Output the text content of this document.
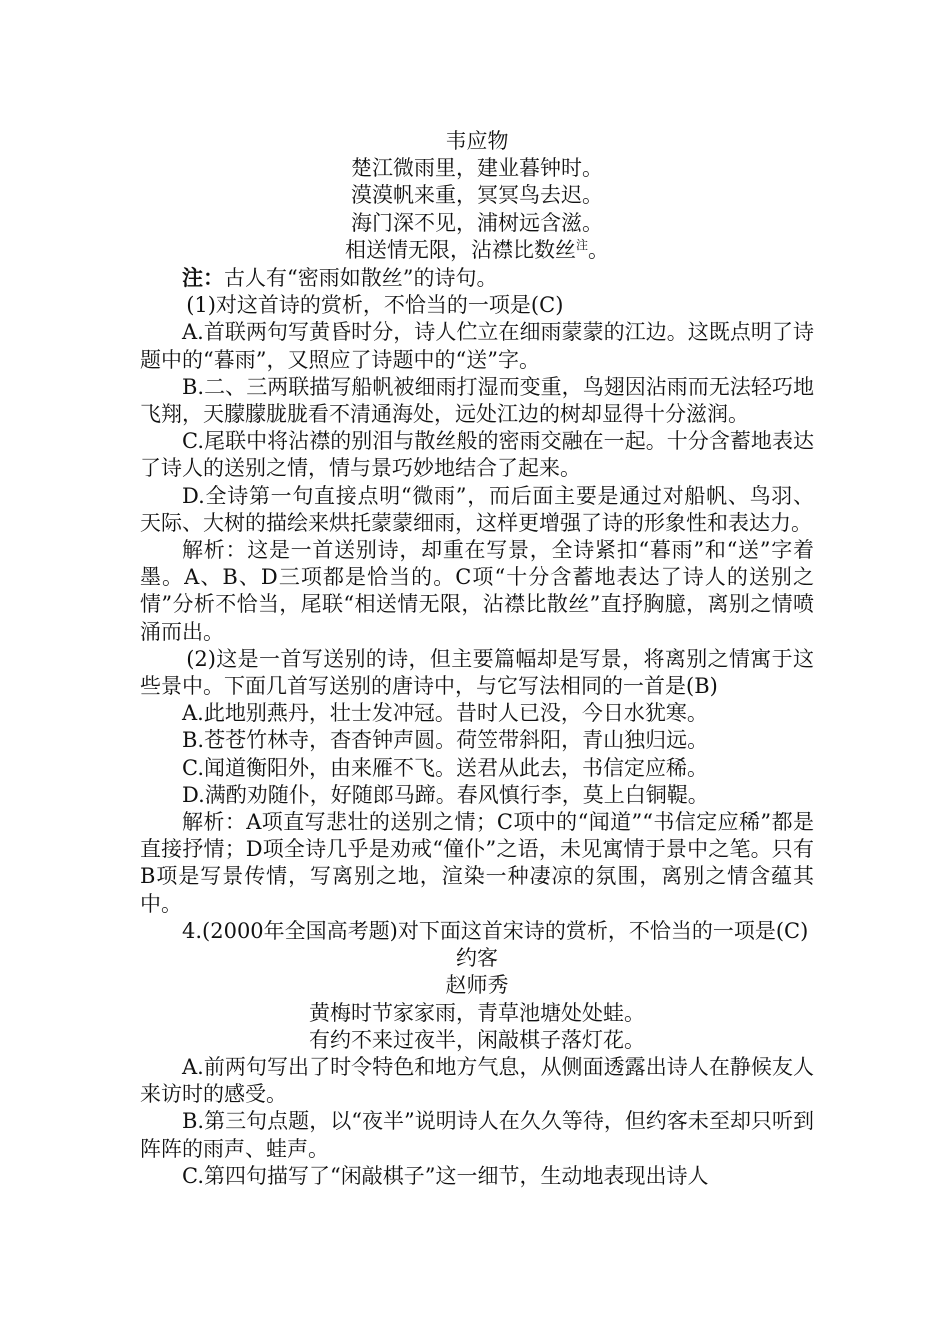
韦应物
楚江微雨里，建业暮钟时。
漠漠帆来重，冥冥鸟去迟。
海门深不见，浦树远含滋。
相送情无限，沾襟比数丝$^注$。
注：古人有“密雨如散丝”的诗句。
(1)对这首诗的赏析，不恰当的一项是(C)
A.首联两句写黄昏时分，诗人伫立在细雨蒙蒙的江边。这既点明了诗题中的“暮雨”，又照应了诗题中的“送”字。
B.二、三两联描写船帆被细雨打湿而变重，鸟翅因沾雨而无法轻巧地飞翔，天朦朦胧胧看不清通海处，远处江边的树却显得十分滋润。
C.尾联中将沾襟的别泪与散丝般的密雨交融在一起。十分含蓄地表达了诗人的送别之情，情与景巧妙地结合了起来。
D.全诗第一句直接点明“微雨”，而后面主要是通过对船帆、鸟羽、天际、大树的描绘来烘托蒙蒙细雨，这样更增强了诗的形象性和表达力。
解析：这是一首送别诗，却重在写景，全诗紧扣“暮雨”和“送”字着墨。A、B、D三项都是恰当的。C项“十分含蓄地表达了诗人的送别之情”分析不恰当，尾联“相送情无限，沾襟比散丝”直抒胸臆，离别之情喷涌而出。
(2)这是一首写送别的诗，但主要篇幅却是写景，将离别之情寓于这些景中。下面几首写送别的唐诗中，与它写法相同的一首是(B)
A.此地别燕丹，壮士发冲冠。昔时人已没，今日水犹寒。
B.苍苍竹林寺，杳杳钟声圆。荷笠带斜阳，青山独归远。
C.闻道衡阳外，由来雁不飞。送君从此去，书信定应稀。
D.满酌劝随仆，好随郎马蹄。春风慎行李，莫上白铜鞮。
解析：A项直写悲壮的送别之情；C项中的“闻道”“书信定应稀”都是直接抒情；D项全诗几乎是劝戒“僮仆”之语，未见寓情于景中之笔。只有B项是写景传情，写离别之地，渲染一种凄凉的氛围，离别之情含蕴其中。
4.(2000年全国高考题)对下面这首宋诗的赏析，不恰当的一项是(C)
约客
赵师秀
黄梅时节家家雨，青草池塘处处蛙。
有约不来过夜半，闲敲棋子落灯花。
A.前两句写出了时令特色和地方气息，从侧面透露出诗人在静候友人来访时的感受。
B.第三句点题，以“夜半”说明诗人在久久等待，但约客未至却只听到阵阵的雨声、蛙声。
C.第四句描写了“闲敲棋子”这一细节，生动地表现出诗人
